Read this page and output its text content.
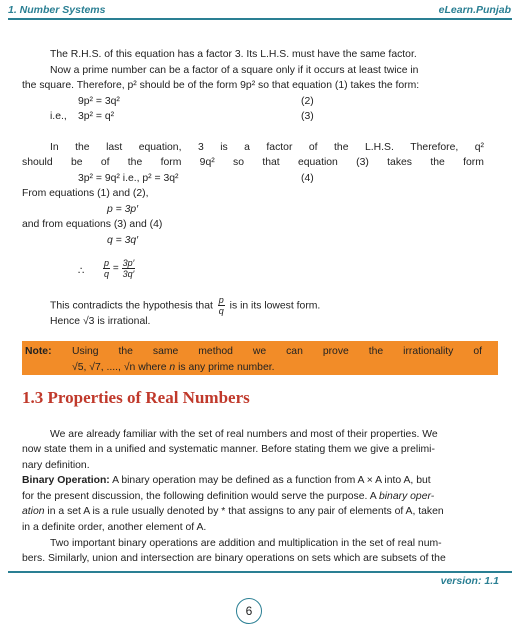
1. Number Systems	eLearn.Punjab
The R.H.S. of this equation has a factor 3. Its L.H.S. must have the same factor.
Now a prime number can be a factor of a square only if it occurs at least twice in
the square. Therefore, p² should be of the form 9p² so that equation (1) takes the form:
9p² = 3q²	(2)
i.e., 3p² = q²	(3)
In the last equation, 3 is a factor of the L.H.S. Therefore, q²
should be of the form 9q² so that equation (3) takes the form
3p² = 9q² i.e., p² = 3q²	(4)
From equations (1) and (2),
p = 3p′
and from equations (3) and (4)
q = 3q′
∴ $\frac{p}{q} = \frac{3p'}{3q'}$
This contradicts the hypothesis that $\frac{p}{q}$ is in its lowest form.
Hence √3 is irrational.
Note: Using the same method we can prove the irrationality of
√5, √7, ...., √n where n is any prime number.
1.3 Properties of Real Numbers
We are already familiar with the set of real numbers and most of their properties. We
now state them in a unified and systematic manner. Before stating them we give a prelimi-
nary definition.
Binary Operation: A binary operation may be defined as a function from A × A into A, but
for the present discussion, the following definition would serve the purpose. A binary oper-
ation in a set A is a rule usually denoted by * that assigns to any pair of elements of A, taken
in a definite order, another element of A.
Two important binary operations are addition and multiplication in the set of real num-
bers. Similarly, union and intersection are binary operations on sets which are subsets of the
version: 1.1
6
